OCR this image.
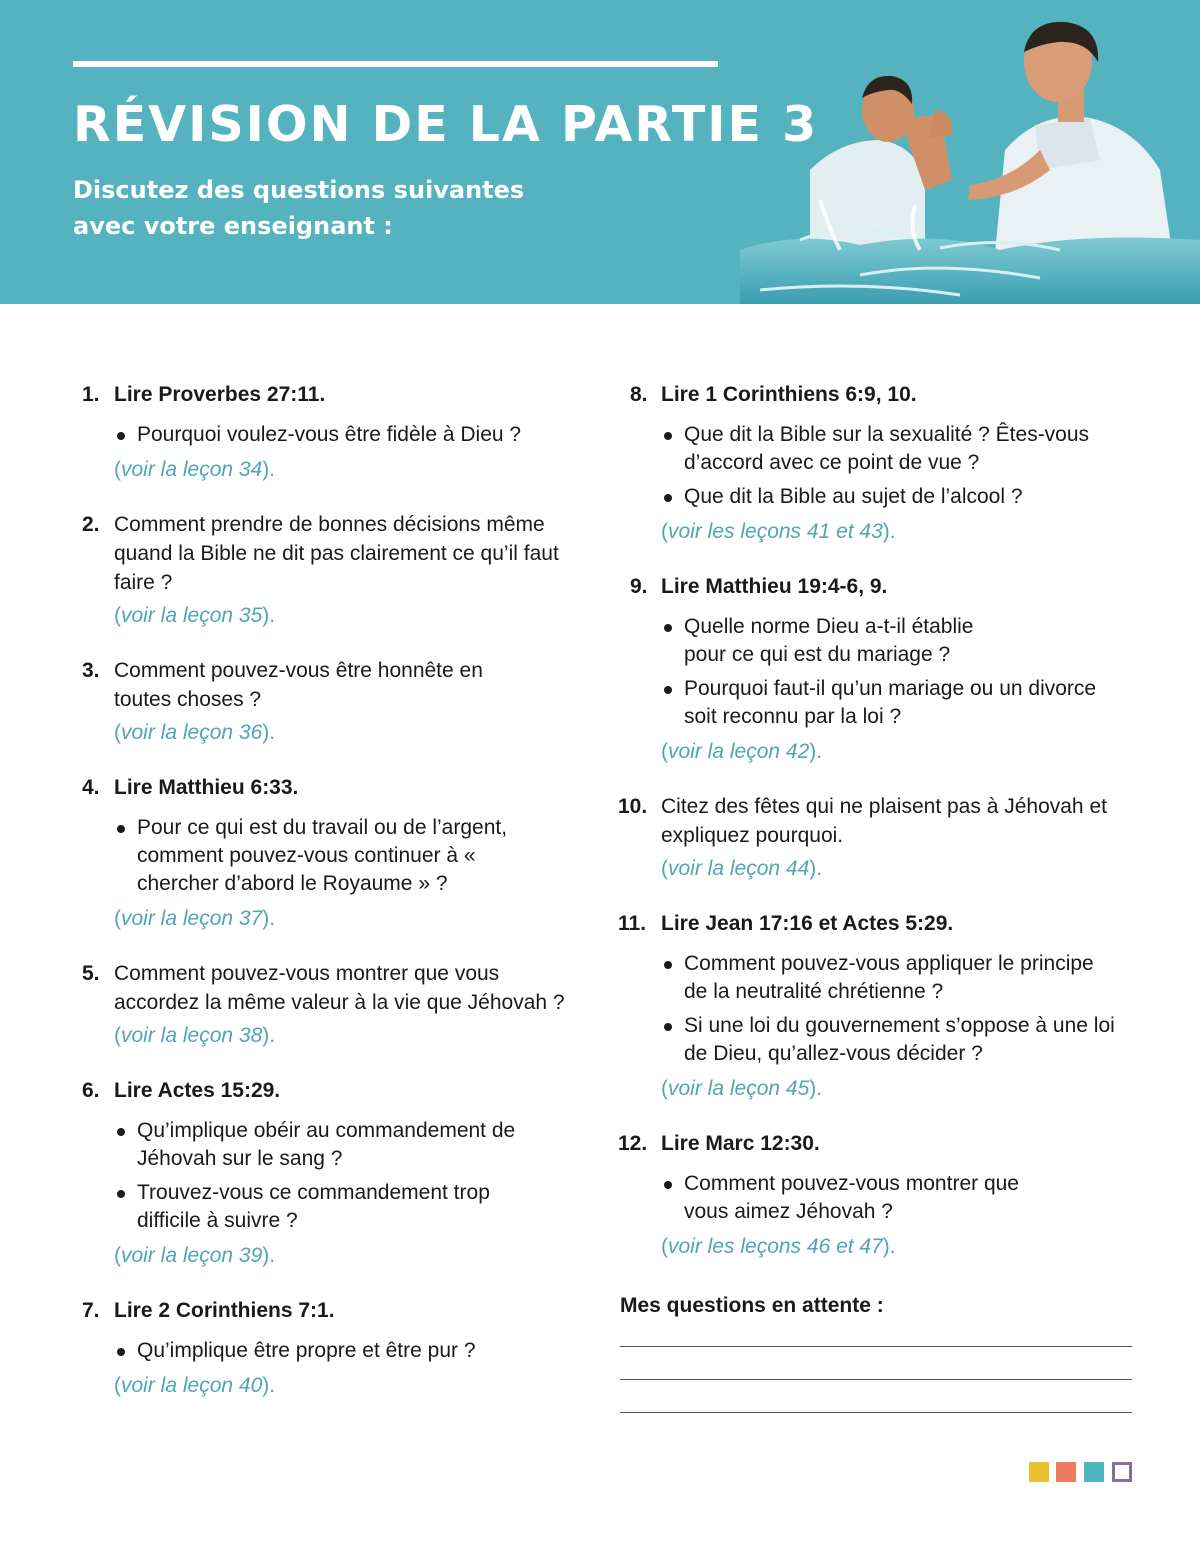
RÉVISION DE LA PARTIE 3

Discutez des questions suivantes avec votre enseignant :

1. Lire Proverbes 27:11.
Pourquoi voulez-vous être fidèle à Dieu ?
(voir la leçon 34).
2. Comment prendre de bonnes décisions même quand la Bible ne dit pas clairement ce qu’il faut faire ?
(voir la leçon 35).
3. Comment pouvez-vous être honnête en toutes choses ?
(voir la leçon 36).
4. Lire Matthieu 6:33.
Pour ce qui est du travail ou de l’argent, comment pouvez-vous continuer à « chercher d’abord le Royaume » ?
(voir la leçon 37).
5. Comment pouvez-vous montrer que vous accordez la même valeur à la vie que Jéhovah ?
(voir la leçon 38).
6. Lire Actes 15:29.
Qu’implique obéir au commandement de Jéhovah sur le sang ?
Trouvez-vous ce commandement trop difficile à suivre ?
(voir la leçon 39).
7. Lire 2 Corinthiens 7:1.
Qu’implique être propre et être pur ?
(voir la leçon 40).
8. Lire 1 Corinthiens 6:9, 10.
Que dit la Bible sur la sexualité ? Êtes-vous d’accord avec ce point de vue ?
Que dit la Bible au sujet de l’alcool ?
(voir les leçons 41 et 43).
9. Lire Matthieu 19:4-6, 9.
Quelle norme Dieu a-t-il établie pour ce qui est du mariage ?
Pourquoi faut-il qu’un mariage ou un divorce soit reconnu par la loi ?
(voir la leçon 42).
10. Citez des fêtes qui ne plaisent pas à Jéhovah et expliquez pourquoi.
(voir la leçon 44).
11. Lire Jean 17:16 et Actes 5:29.
Comment pouvez-vous appliquer le principe de la neutralité chrétienne ?
Si une loi du gouvernement s’oppose à une loi de Dieu, qu’allez-vous décider ?
(voir la leçon 45).
12. Lire Marc 12:30.
Comment pouvez-vous montrer que vous aimez Jéhovah ?
(voir les leçons 46 et 47).
Mes questions en attente :
